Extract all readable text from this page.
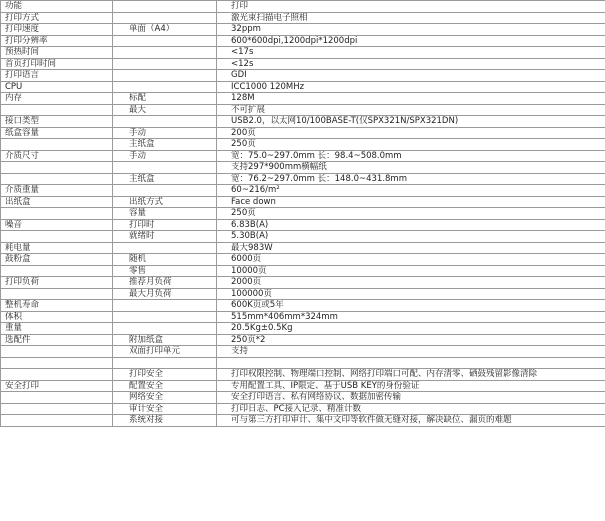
功能		打印
打印方式		激光束扫描电子照相
打印速度	单面（A4）	32ppm
打印分辨率		600*600dpi,1200dpi*1200dpi
预热时间		<17s
首页打印时间		<12s
打印语言		GDI
CPU		ICC1000 120MHz
内存	标配	128M
	最大	不可扩展
接口类型		USB2.0，以太网10/100BASE-T(仅SPX321N/SPX321DN)
纸盒容量	手动	200页
	主纸盒	250页
介质尺寸	手动	宽：75.0~297.0mm 长：98.4~508.0mm
		支持297*900mm横幅纸
	主纸盒	宽：76.2~297.0mm 长：148.0~431.8mm
介质重量		60~216/m²
出纸盒	出纸方式	Face down
	容量	250页
噪音	打印时	6.83B(A)
	就绪时	5.30B(A)
耗电量		最大983W
鼓粉盒	随机	6000页
	零售	10000页
打印负荷	推荐月负荷	2000页
	最大月负荷	100000页
整机寿命		600K页或5年
体积		515mm*406mm*324mm
重量		20.5Kg±0.5Kg
选配件	附加纸盒	250页*2
	双面打印单元	支持

	打印安全	打印权限控制、物理端口控制、网络打印端口可配、内存清零、硒鼓残留影像清除
安全打印	配置安全	专用配置工具、IP限定、基于USB KEY的身份验证
	网络安全	安全打印语言、私有网络协议、数据加密传输
	审计安全	打印日志、PC接入记录、精准计数
	系统对接	可与第三方打印审计、集中文印等软件做无缝对接，解决缺位、漏页的难题
